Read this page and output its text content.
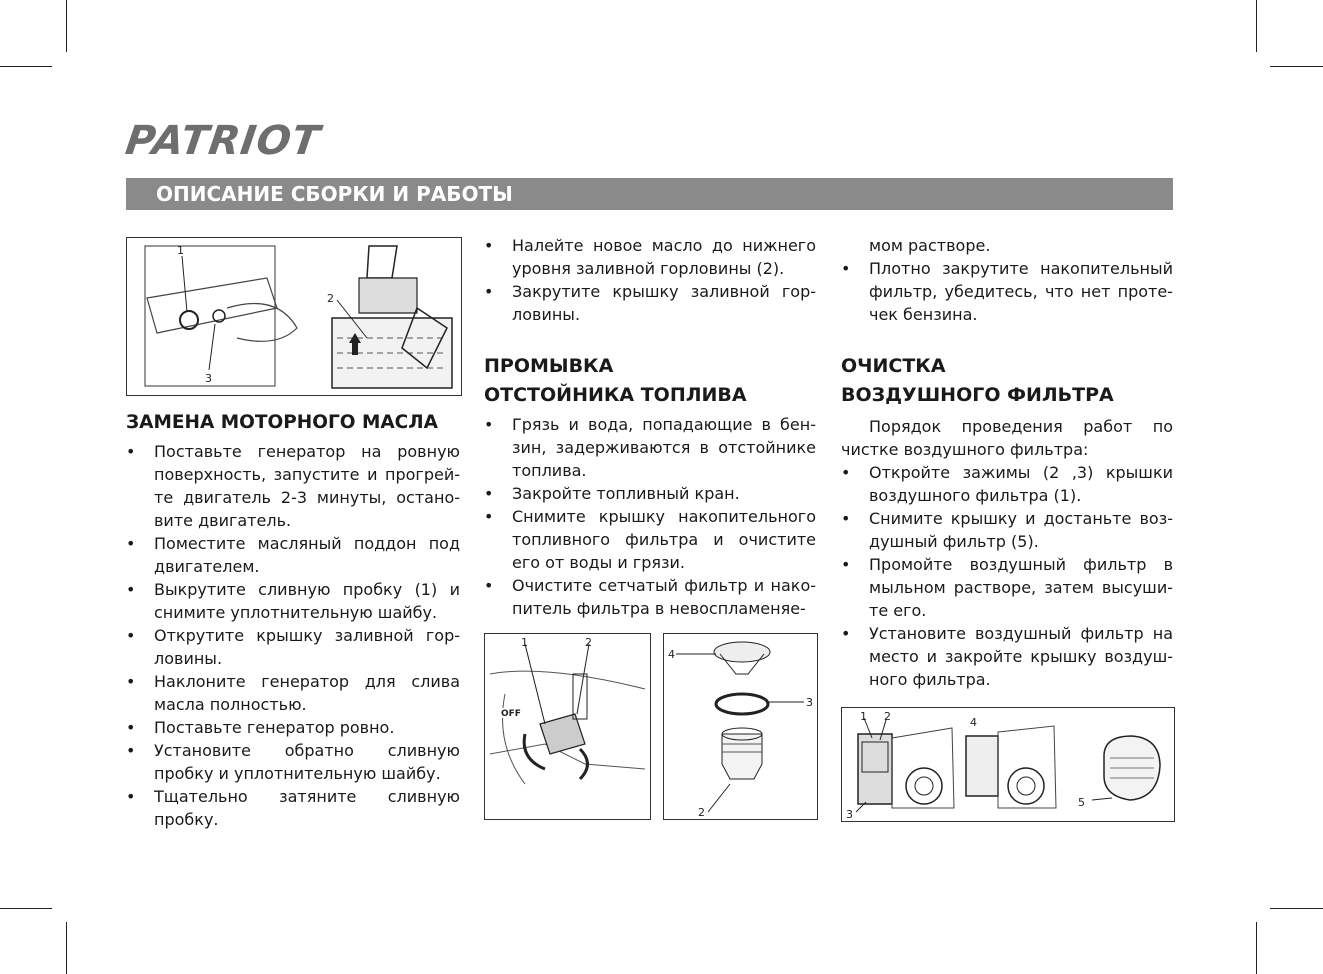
PATRIOT
ОПИСАНИЕ СБОРКИ И РАБОТЫ
1
2
3
ЗАМЕНА МОТОРНОГО МАСЛА
• Поставьте генератор на ровную поверхность, запустите и прогрей-те двигатель 2-3 минуты, остано-вите двигатель.
• Поместите масляный поддон под двигателем.
• Выкрутите сливную пробку (1) и снимите уплотнительную шайбу.
• Открутите крышку заливной гор-ловины.
• Наклоните генератор для слива масла полностью.
• Поставьте генератор ровно.
• Установите обратно сливную пробку и уплотнительную шайбу.
• Тщательно затяните сливную пробку.
• Налейте новое масло до нижнего уровня заливной горловины (2).
• Закрутите крышку заливной гор-ловины.
ПРОМЫВКА
ОТСТОЙНИКА ТОПЛИВА
• Грязь и вода, попадающие в бен-зин, задерживаются в отстойнике топлива.
• Закройте топливный кран.
• Снимите крышку накопительного топливного фильтра и очистите его от воды и грязи.
• Очистите сетчатый фильтр и нако-питель фильтра в невоспламеняе-
OFF
1	2
4
3
2

мом растворе.

• Плотно закрутите накопительный фильтр, убедитесь, что нет проте-чек бензина.
ОЧИСТКА
ВОЗДУШНОГО ФИЛЬТРА

Порядок проведения работ по чистке воздушного фильтра:

• Откройте зажимы (2 ,3) крышки воздушного фильтра (1).
• Снимите крышку и достаньте воз-душный фильтр (5).
• Промойте воздушный фильтр в мыльном растворе, затем высуши-те его.
• Установите воздушный фильтр на место и закройте крышку воздуш-ного фильтра.
1 2
3
4
5
